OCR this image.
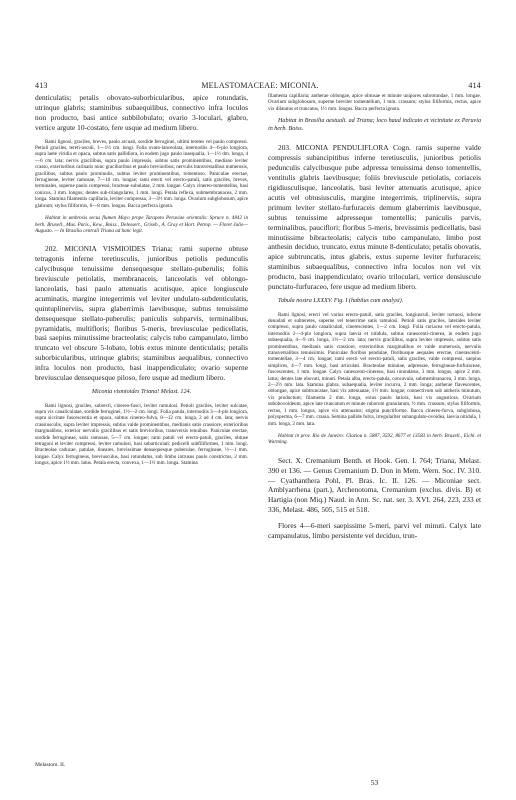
413	MELASTOMACEAE: MICONIA.	414

denticulatis; petalis obovato-suborbicularibus, apice rotundatis, utrinque glabris; staminibus subaequilibus, connectivo infra loculos non producto, basi antice subbilobulato; ovario 3-loculari, glabro, vertice argute 10-costato, fere usque ad medium libero.

Rami lignosi, graciles, breves, paulo arcuati, sordide ferruginei, ultimi teretes vel paulo compressi. Petioli graciles, tereti-usculi, 1—1½ cm. longi. Folia ovato-lanceolata, internodiis 4—6-plo longiora, supra laete viridia et opaca, subtus satis pallidiora, in eodem jugo paulo inaequalia, 1—1½ dm. longa, 4—6 cm. lata; nervis gracilibus, supra paulo impressis, subtus satis prominentibus, mediano leviter crasso, exterioribus carinatis nunc gracilioribus et paulo brevioribus; nervulis transversalibus numerosis, gracilibus, subtus paulo prominulis, subtus leviter prominentibus, tomentoso. Paniculae erectae, ferrugineae, leviter ramosae, 7—10 cm. longae; rami erecti vel erecto-patuli, satis graciles, breves, terminales, superne paulo compressi; bracteae subulatae, 2 mm. longae. Calyx cinereo-tomentellus, basi conicus, 3 mm. longus; dentes sub-triangulares, 1 mm. longi. Petala reflexa, submembranacea, 2 mm. longa. Stamina filamentis capillaria, leviter compressa, 3—3½ mm. longa. Ovarium subglobosum, apice glabrum; stylus filiformis, 6—8 mm. longus. Bacca perfecta ignota.

Habitat in umbrosis secus flumen Mayo prope Tarapoto Peruviae orientalis: Spruce n. 4842 in herb. Bruxell., Mus. Paris., Kew., Boiss., Delessert., Griseb., A. Gray et Hort. Petrop. — Floret Julio—Augusto. — In Brasilia centrali Triana ad hanc legit.

202. MICONIA VISMIOIDES Triana; rami superne obtuse tetragonis inferne teretiusculis, junioribus petiolis pedunculis calycibusque tenuissime densequesque stellato-puberulis; foliis breviuscule petiolatis, membranaceis, lanceolatis vel oblongo-lanceolatis, basi paulo attenuatis acutisque, apice longiuscule acuminatis, margine integerrimis vel leviter undulato-subdenticulatis, quintuplinerviis, supra glaberrimis laevibusque, subtus tenuissime densequesque stellato-puberulis; paniculis subparvis, terminalibus, pyramidatis, multifloris; floribus 5-meris, breviusculae pedicellatis, basi saepius minutissime bracteolatis; calycis tubo campanulato, limbo truncato vel obscure 5-lobato, lobis extus minute denticulatis; petalis suborbicularibus, utrinque glabris; staminibus aequalibus, connectivo infra loculos non producto, basi inappendiculato; ovario superne breviusculae densequesque piloso, fere usque ad medium libero.

Miconia vismioides Triana! Melast. 124.

Rami lignosi, graciles, subrecti, cinereo-fusci, leviter ramulosi. Petioli graciles, leviter sulcatae, supra vix canaliculatae, sordide ferruginei, 1½—2 cm. longi. Folia patula, internodiis 3—4-plo longiora, supra siccitate fuscescentia et opaca, subtus cinereo-fulva, 8—12 cm. longa, 2 ad 4 cm. lata; nervis crassiusculis, supra leviter impressis, subtus valde prominentibus, medianis satis crassiore, exterioribus marginalibus, exterior nervulis gracilibus et satis brevioribus, transversis tenuibus. Paniculae erectae, sordide ferrugineae, satis ramosae, 5—7 cm. longae; rami patuli vel erecto-patuli, graciles, obtuse tetragoni et leviter compressi, leviter ramulosi, basi subarticulati; pedicelli subfiliformes, 1 mm. longi. Bracteolae caducae, patulae, lineares, brevissimae densequesque puberulae, ferrugineae, ½—1 mm. longae. Calyx ferrugineus, breviusculus, basi rotundatus, sub limbo intrusus paulo constrictus, 2 mm. longus, apice 1½ mm. latus. Petala erecta, convexa, 1—1½ mm. longa. Stamina

Melastom. II.

filamenta capillaria; antherae oblongae, apice obtusae et minute unipores subrotundae, 1 mm. longae. Ovarium subglobosum, superne breviter tomentellum, 1 mm. crassum; stylus filiformis, rectus, apice vix dilatatus et truncatus, 1½ mm. longus. Bacca perfecta ignota.

Habitat in Brasilia aestuali. ad Triana; loco haud indicato et vicinitate ex Peruvia in herb. Boiss.

203. MICONIA PENDULIFLORA Cogn. ramis superne valde compressis subancipitibus inferne teretiusculis, junioribus petiolis pedunculis calycibusque pube adpressa tenuissima denso tomentellis, ventitulis glabris laevibusque; foliis breviuscule petiolatis, coriaceis rigidiusculisque, lanceolatis, basi leviter attenuatis acutisque, apice acutis vel obtusiusculis, margine integerrimis, triplinerviis, supra primum leviter stellato-furfuraceis demum glaberrimis laevibusque, subtus tenuissime adpresseque tomentellis; paniculis parvis, terminalibus, pauciflori; floribus 5-meris, brevissimis pedicellatis, basi minutissime bibracteolatis; calycis tubo campanulato, limbo post anthesin deciduo, truncato, extus minute 8-denticulato; petalis obovatis, apice subtruncatis, intus glabris, extus superne leviter furfuraceis; staminibus subaequalibus, connectivo infra loculos non vel vix producto, basi inappendiculato; ovario triloculari, vertice densiuscule punctato-furfuraceo, fere usque ad medium libero.

Tabula nostra LXXXV. Fig. I (habitus cum analysi).

Rami lignosi, erecti vel varius erecto-patuli, satis graciles, longiusculi, leviter tortuosi, inferne denudati et subteretes, superne vel tenerrime satis ramulosi. Petioli satis graciles, laterales leviter compressi, supra paulo canaliculati, cinerescentes, 1—2 cm. longi. Folia coriacea vel erecto-patula, internodiis 2—4-plo longiora, supra laevia et nitidula, subtus canescenti-cinerea, in eodem jugo subaequalia, 4—9 cm. longa, 1½—2 cm. lata; nervis gracilibus, supra leviter impressis, subtus satis prominentibus, medianis satis crassiore, exterioribus marginalibus et valde numerosis, nervulis transversalibus tenuissimis. Paniculae floribus pendulae, floribusque aequales erectae, cinerascenti-tomentellae, 3—4 cm. longae; rami erecti vel erecto-patuli, satis graciles, valde compressi, saepius simplices, 4—7 mm. longi, basi articulati. Bracteolae minutae, adpressae, ferrugineae-furfuraceae, fuscescentes, 1 mm. longae. Calyx canescenti-cinereus, basi rotundatus, 3 mm. longus, apice 2 mm. latus; dentes late obovati, minuti. Petala alba, erecto-patula, concavula, submembranacea, 3 mm. longa, 2—2½ mm. lata. Stamina glabra, subaequalia, leviter incurva, 2 mm. longa; antherae flavescentes, oblongae, apice subtruncatae, basi vix attenuatae, 1½ mm. longae; connectivum sub antheris minutum, vix productum; filamenta 2 mm. longa, extus paulo latiora, basi vix angustiora. Ovarium subobovoideum, apice late truncatum et minute ruborum granulatum, ½ mm. crassum; stylus filiformis, rectus, 1 mm. longus, apice vix attenuatus; stigma punctiforme. Bacca cinereo-furva, subglobosa, polysperma, 6—7 mm. crassa. Semina pallide fulva, irregulariter subangulato-ovoidea, laevia nitidula, 1 mm. longa, 2 mm. lata.

Habitat in prov. Rio de Janeiro: Glaziou n. 5887, 3592, 8677 et 13583 in herb. Bruxell., Eichl. et Warming.

Sect. X. Cremanium Benth. et Hook. Gen. I. 764; Triana, Melast. 390 et 136. — Genus Cremanium D. Don in Mem. Wern. Soc. IV. 310. — Cyathanthera Pohl, Pl. Bras. Ic. II. 126. — Miconiae sect. Amblyarrhena (part.), Archenotoma, Cremanium (exclus. divis. B) et Hartigia (non Miq.) Naud. in Ann. Sc. nat. ser. 3. XVI. 264, 223, 233 et 336, Melast. 486, 505, 515 et 518.

Flores 4—6-meri saepissime 5-meri, parvi vel minuti. Calyx late campanulatus, limbo persistente vel deciduo, trun-

53
